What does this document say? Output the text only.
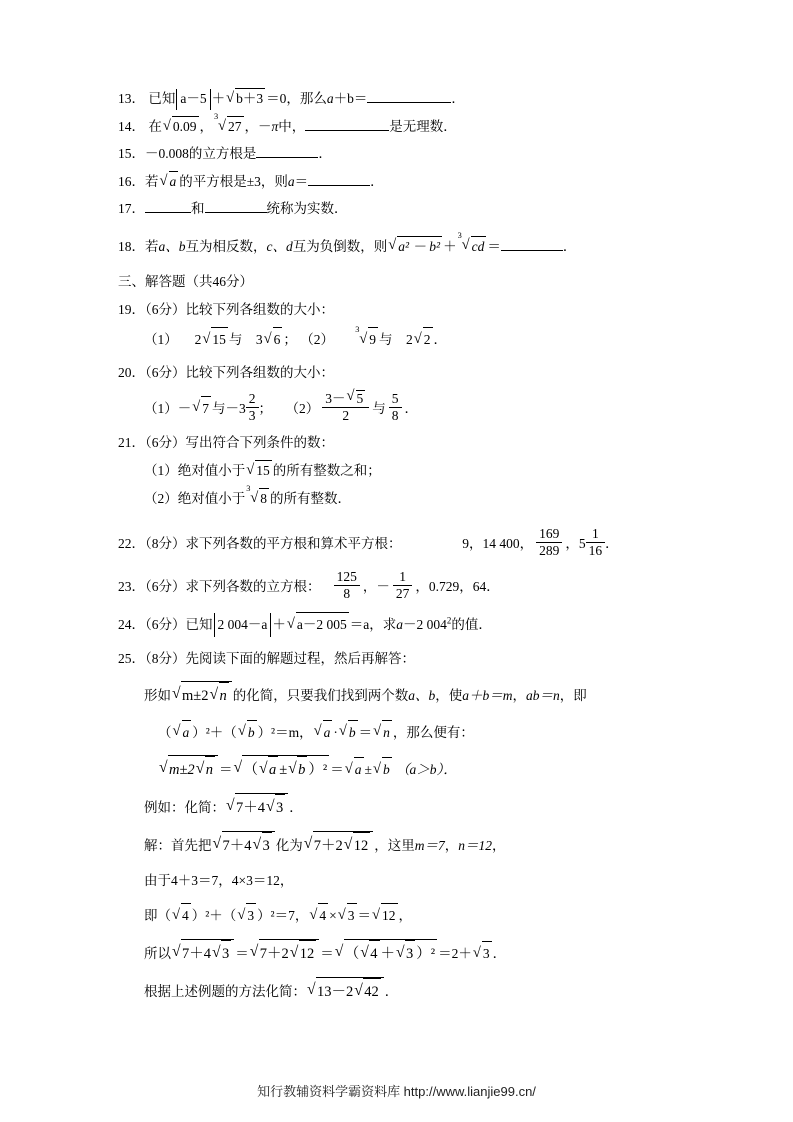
13． 已知 a－5 ＋ √ b＋3 ＝0，那么a＋b＝	．

14． 在 √ 0.09 ，
√ 3
27 ，－π中，	是无理数．

15．－0.008的立方根是	．

16．若 √ a 的平方根是±3，则a＝	．

17．	和	统称为实数．

18．若a、b互为相反数，c、d互为负倒数，则 √ a² － b² ＋
√ 3
cd ＝	．

三、解答题（共46分）

19．（6分）比较下列各组数的大小：

（1） 2 √ 15 与 3 √ 6 ； （2）
√ 3
9 与 2 √ 2 ．

20．（6分）比较下列各组数的大小：

（1）－ √ 7 与$-3 \frac{2}{3}$ ； $(2) \frac{3- √ 5}{2}$ 与 $\frac{5}{8}$ ．

21．（6分）写出符合下列条件的数：

（1）绝对值小于 √ 15 的所有整数之和；

（2）绝对值小于
√ 3
8 的所有整数．

22．（8分）求下列各数的平方根和算术平方根：	9，14 400， $\frac{169}{289}$ ，$5 \frac{1}{16}$ ．

23．（6分）求下列各数的立方根： $\frac{125}{8}$ ，－ $\frac{1}{27}$ ，0.729，64．

24．（6分）已知 2 004－a ＋ √ a－2 005 ＝a，求a－2 $004^2$的值．

25．（8分）先阅读下面的解题过程，然后再解答：

形如 √ m±2 √ n 的化简，只要我们找到两个数a、b，使a＋b＝m，ab＝n，即

（ √ a ）²＋（ √ b ）²＝m， √ a · √ b ＝ √ n ，那么便有：

√ m±2 √ n ＝ √ （ √ a ± √ b ）² ＝ √ a ± √ b （a＞b）．

例如：化简： √ 7＋4 √ 3 ．

解：首先把 √ 7＋4 √ 3 化为 √ 7＋2 √ 12 ，这里m＝7，n＝12，

由于4＋3＝7，4×3＝12，

即（ √ 4 ）²＋（ √ 3 ）²＝7， √ 4 × √ 3 ＝ √ 12 ，

所以 √ 7＋4 √ 3 ＝ √ 7＋2 √ 12 ＝ √ （ √ 4 ＋ √ 3 ）² ＝2＋ √ 3 ．

根据上述例题的方法化简： √ 13－2 √ 42 ．

知行教辅资料学霸资料库 http://www.lianjie99.cn/
